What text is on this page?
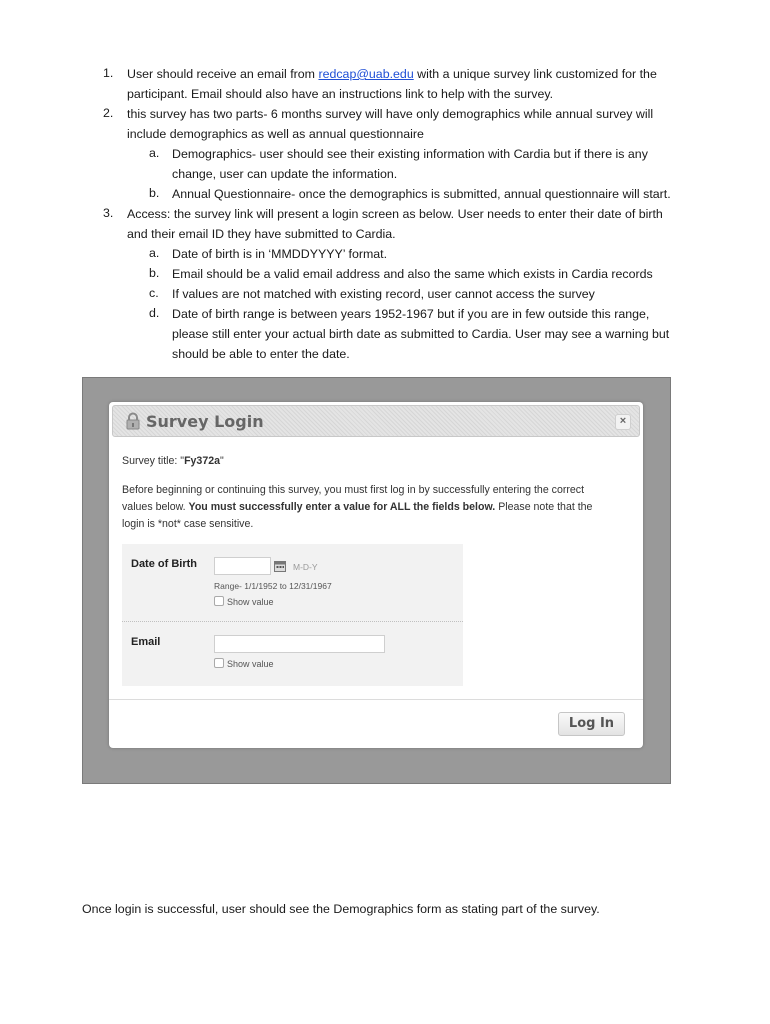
1. User should receive an email from redcap@uab.edu with a unique survey link customized for the
participant. Email should also have an instructions link to help with the survey.
2. this survey has two parts- 6 months survey will have only demographics while annual survey will
include demographics as well as annual questionnaire
a. Demographics- user should see their existing information with Cardia but if there is any
change, user can update the information.
b. Annual Questionnaire- once the demographics is submitted, annual questionnaire will start.
3. Access: the survey link will present a login screen as below. User needs to enter their date of birth
and their email ID they have submitted to Cardia.
a. Date of birth is in ‘MMDDYYYY’ format.
b. Email should be a valid email address and also the same which exists in Cardia records
c. If values are not matched with existing record, user cannot access the survey
d. Date of birth range is between years 1952-1967 but if you are in few outside this range,
please still enter your actual birth date as submitted to Cardia. User may see a warning but
should be able to enter the date.
Survey Login	×
Survey title: "Fy372a"
Before beginning or continuing this survey, you must first log in by successfully entering the correct
values below. You must successfully enter a value for ALL the fields below. Please note that the
login is *not* case sensitive.
Date of Birth	M-D-Y
Range- 1/1/1952 to 12/31/1967
Show value
Email
Show value
Log In
Once login is successful, user should see the Demographics form as stating part of the survey.
